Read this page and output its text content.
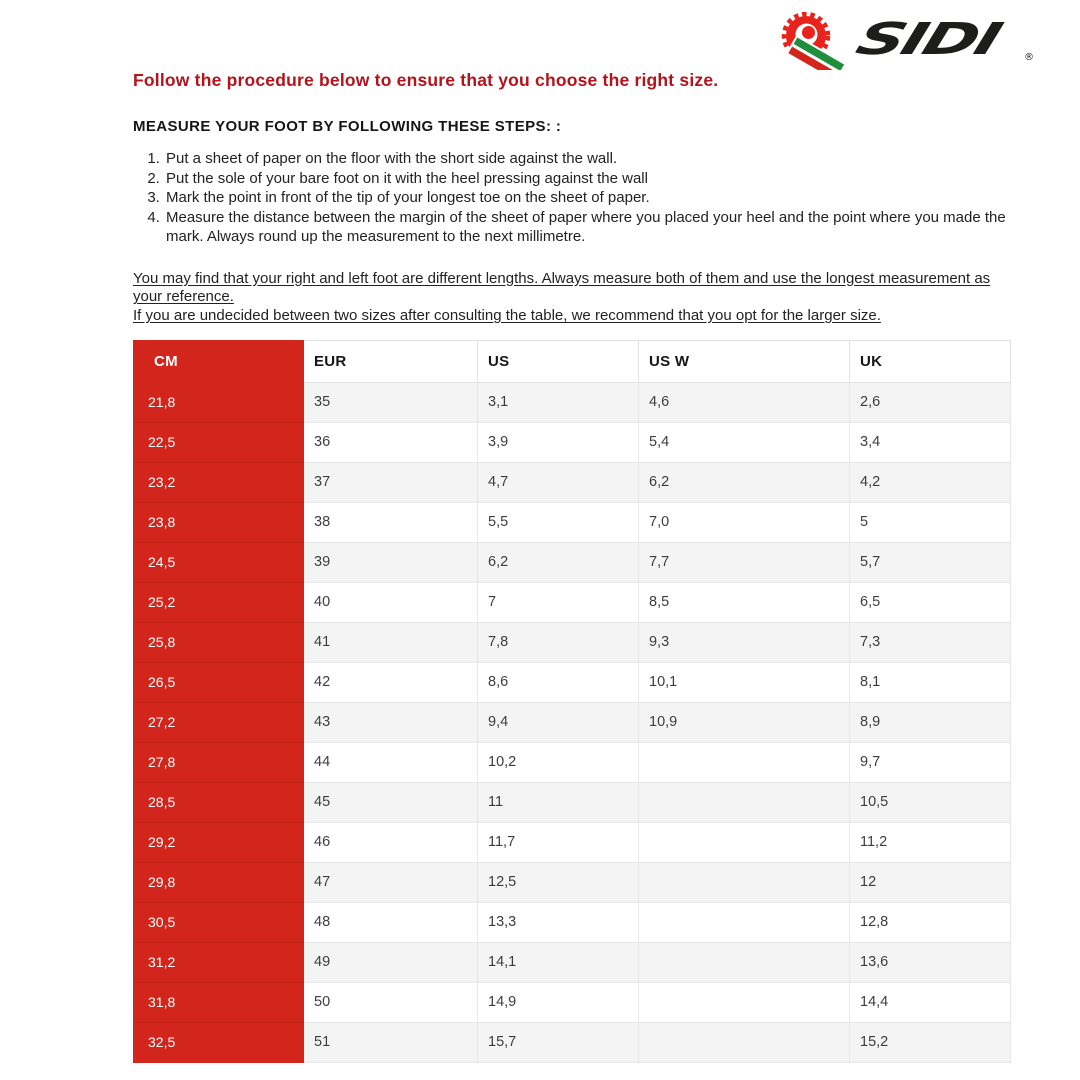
SIDI ®

Follow the procedure below to ensure that you choose the right size.

MEASURE YOUR FOOT BY FOLLOWING THESE STEPS: :

1. Put a sheet of paper on the floor with the short side against the wall.
2. Put the sole of your bare foot on it with the heel pressing against the wall
3. Mark the point in front of the tip of your longest toe on the sheet of paper.
4. Measure the distance between the margin of the sheet of paper where you placed your heel and the point where you made the mark. Always round up the measurement to the next millimetre.
You may find that your right and left foot are different lengths. Always measure both of them and use the longest measurement as your reference.
If you are undecided between two sizes after consulting the table, we recommend that you opt for the larger size.
CM	EUR	US	US W	UK
21,8	35	3,1	4,6	2,6
22,5	36	3,9	5,4	3,4
23,2	37	4,7	6,2	4,2
23,8	38	5,5	7,0	5
24,5	39	6,2	7,7	5,7
25,2	40	7	8,5	6,5
25,8	41	7,8	9,3	7,3
26,5	42	8,6	10,1	8,1
27,2	43	9,4	10,9	8,9
27,8	44	10,2		9,7
28,5	45	11		10,5
29,2	46	11,7		11,2
29,8	47	12,5		12
30,5	48	13,3		12,8
31,2	49	14,1		13,6
31,8	50	14,9		14,4
32,5	51	15,7		15,2
